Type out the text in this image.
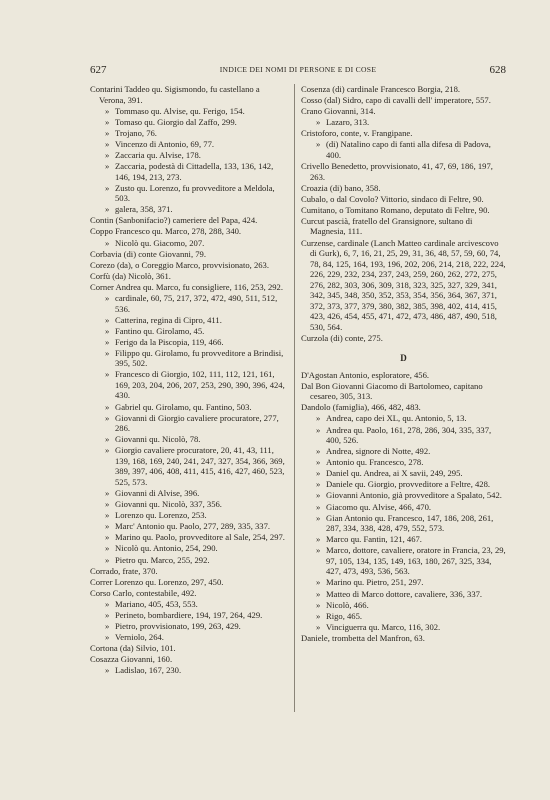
627	INDICE DEI NOMI DI PERSONE E DI COSE	628
Contarini Taddeo qu. Sigismondo, fu castellano a Verona, 391.
» Tommaso qu. Alvise, qu. Ferigo, 154.
» Tomaso qu. Giorgio dal Zaffo, 299.
» Trojano, 76.
» Vincenzo di Antonio, 69, 77.
» Zaccaria qu. Alvise, 178.
» Zaccaria, podestà di Cittadella, 133, 136, 142, 146, 194, 213, 273.
» Zusto qu. Lorenzo, fu provveditore a Meldola, 503.
» galera, 358, 371.
Contin (Sanbonifacio?) cameriere del Papa, 424.
Coppo Francesco qu. Marco, 278, 288, 340.
» Nicolò qu. Giacomo, 207.
Corbavia (di) conte Giovanni, 79.
Corezo (da), o Coreggio Marco, provvisionato, 263.
Corfù (da) Nicolò, 361.
Corner Andrea qu. Marco, fu consigliere, 116, 253, 292.
» cardinale, 60, 75, 217, 372, 472, 490, 511, 512, 536.
» Catterina, regina di Cipro, 411.
» Fantino qu. Girolamo, 45.
» Ferigo da la Piscopia, 119, 466.
» Filippo qu. Girolamo, fu provveditore a Brindisi, 395, 502.
» Francesco di Giorgio, 102, 111, 112, 121, 161, 169, 203, 204, 206, 207, 253, 290, 390, 396, 424, 430.
» Gabriel qu. Girolamo, qu. Fantino, 503.
» Giovanni di Giorgio cavaliere procuratore, 277, 286.
» Giovanni qu. Nicolò, 78.
» Giorgio cavaliere procuratore, 20, 41, 43, 111, 139, 168, 169, 240, 241, 247, 327, 354, 366, 369, 389, 397, 406, 408, 411, 415, 416, 427, 460, 523, 525, 573.
» Giovanni di Alvise, 396.
» Giovanni qu. Nicolò, 337, 356.
» Lorenzo qu. Lorenzo, 253.
» Marc' Antonio qu. Paolo, 277, 289, 335, 337.
» Marino qu. Paolo, provveditore al Sale, 254, 297.
» Nicolò qu. Antonio, 254, 290.
» Pietro qu. Marco, 255, 292.
Corrado, frate, 370.
Correr Lorenzo qu. Lorenzo, 297, 450.
Corso Carlo, contestabile, 492.
» Mariano, 405, 453, 553.
» Perineto, bombardiere, 194, 197, 264, 429.
» Pietro, provvisionato, 199, 263, 429.
» Verniolo, 264.
Cortona (da) Silvio, 101.
Cosazza Giovanni, 160.
» Ladislao, 167, 230.
Cosenza (di) cardinale Francesco Borgia, 218.
Cosso (dal) Sidro, capo di cavalli dell' imperatore, 557.
Crano Giovanni, 314.
» Lazaro, 313.
Cristoforo, conte, v. Frangipane.
» (di) Natalino capo di fanti alla difesa di Padova, 400.
Crivello Benedetto, provvisionato, 41, 47, 69, 186, 197, 263.
Croazia (di) bano, 358.
Cubalo, o dal Covolo? Vittorio, sindaco di Feltre, 90.
Cumitano, o Tomitano Romano, deputato di Feltre, 90.
Curcut pascià, fratello del Gransignore, sultano di Magnesia, 111.
Curzense, cardinale (Lanch Matteo cardinale arcivescovo di Gurk), 6, 7, 16, 21, 25, 29, 31, 36, 48, 57, 59, 60, 74, 78, 84, 125, 164, 193, 196, 202, 206, 214, 218, 222, 224, 226, 229, 232, 234, 237, 243, 259, 260, 262, 272, 275, 276, 282, 303, 306, 309, 318, 323, 325, 327, 329, 341, 342, 345, 348, 350, 352, 353, 354, 356, 364, 367, 371, 372, 373, 377, 379, 380, 382, 385, 398, 402, 414, 415, 423, 426, 454, 455, 471, 472, 473, 486, 487, 490, 518, 530, 564.
Curzola (di) conte, 275.
D
D'Agostan Antonio, esploratore, 456.
Dal Bon Giovanni Giacomo di Bartolomeo, capitano cesareo, 305, 313.
Dandolo (famiglia), 466, 482, 483.
» Andrea, capo dei XL, qu. Antonio, 5, 13.
» Andrea qu. Paolo, 161, 278, 286, 304, 335, 337, 400, 526.
» Andrea, signore di Notte, 492.
» Antonio qu. Francesco, 278.
» Daniel qu. Andrea, ai X savii, 249, 295.
» Daniele qu. Giorgio, provveditore a Feltre, 428.
» Giovanni Antonio, già provveditore a Spalato, 542.
» Giacomo qu. Alvise, 466, 470.
» Gian Antonio qu. Francesco, 147, 186, 208, 261, 287, 334, 338, 428, 479, 552, 573.
» Marco qu. Fantin, 121, 467.
» Marco, dottore, cavaliere, oratore in Francia, 23, 29, 97, 105, 134, 135, 149, 163, 180, 267, 325, 334, 427, 473, 493, 536, 563.
» Marino qu. Pietro, 251, 297.
» Matteo di Marco dottore, cavaliere, 336, 337.
» Nicolò, 466.
» Rigo, 465.
» Vinciguerra qu. Marco, 116, 302.
Daniele, trombetta del Manfron, 63.
